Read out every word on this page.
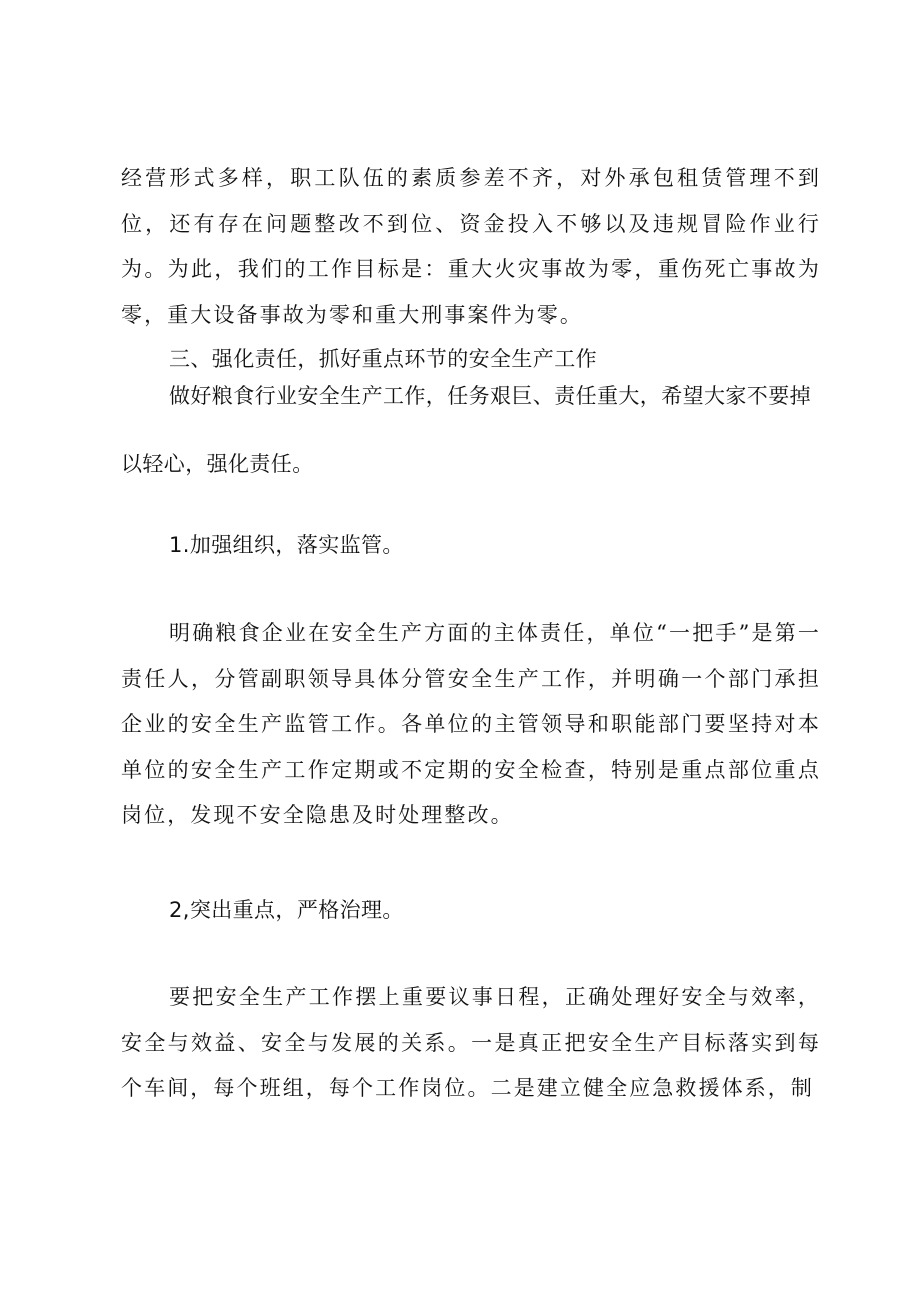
经营形式多样，职工队伍的素质参差不齐，对外承包租赁管理不到位，还有存在问题整改不到位、资金投入不够以及违规冒险作业行为。为此，我们的工作目标是：重大火灾事故为零，重伤死亡事故为零，重大设备事故为零和重大刑事案件为零。

三、强化责任，抓好重点环节的安全生产工作

做好粮食行业安全生产工作，任务艰巨、责任重大，希望大家不要掉以轻心，强化责任。

1.加强组织，落实监管。

明确粮食企业在安全生产方面的主体责任，单位“一把手”是第一责任人，分管副职领导具体分管安全生产工作，并明确一个部门承担企业的安全生产监管工作。各单位的主管领导和职能部门要坚持对本单位的安全生产工作定期或不定期的安全检查，特别是重点部位重点岗位，发现不安全隐患及时处理整改。

2,突出重点，严格治理。

要把安全生产工作摆上重要议事日程，正确处理好安全与效率，安全与效益、安全与发展的关系。一是真正把安全生产目标落实到每个车间，每个班组，每个工作岗位。二是建立健全应急救援体系，制
